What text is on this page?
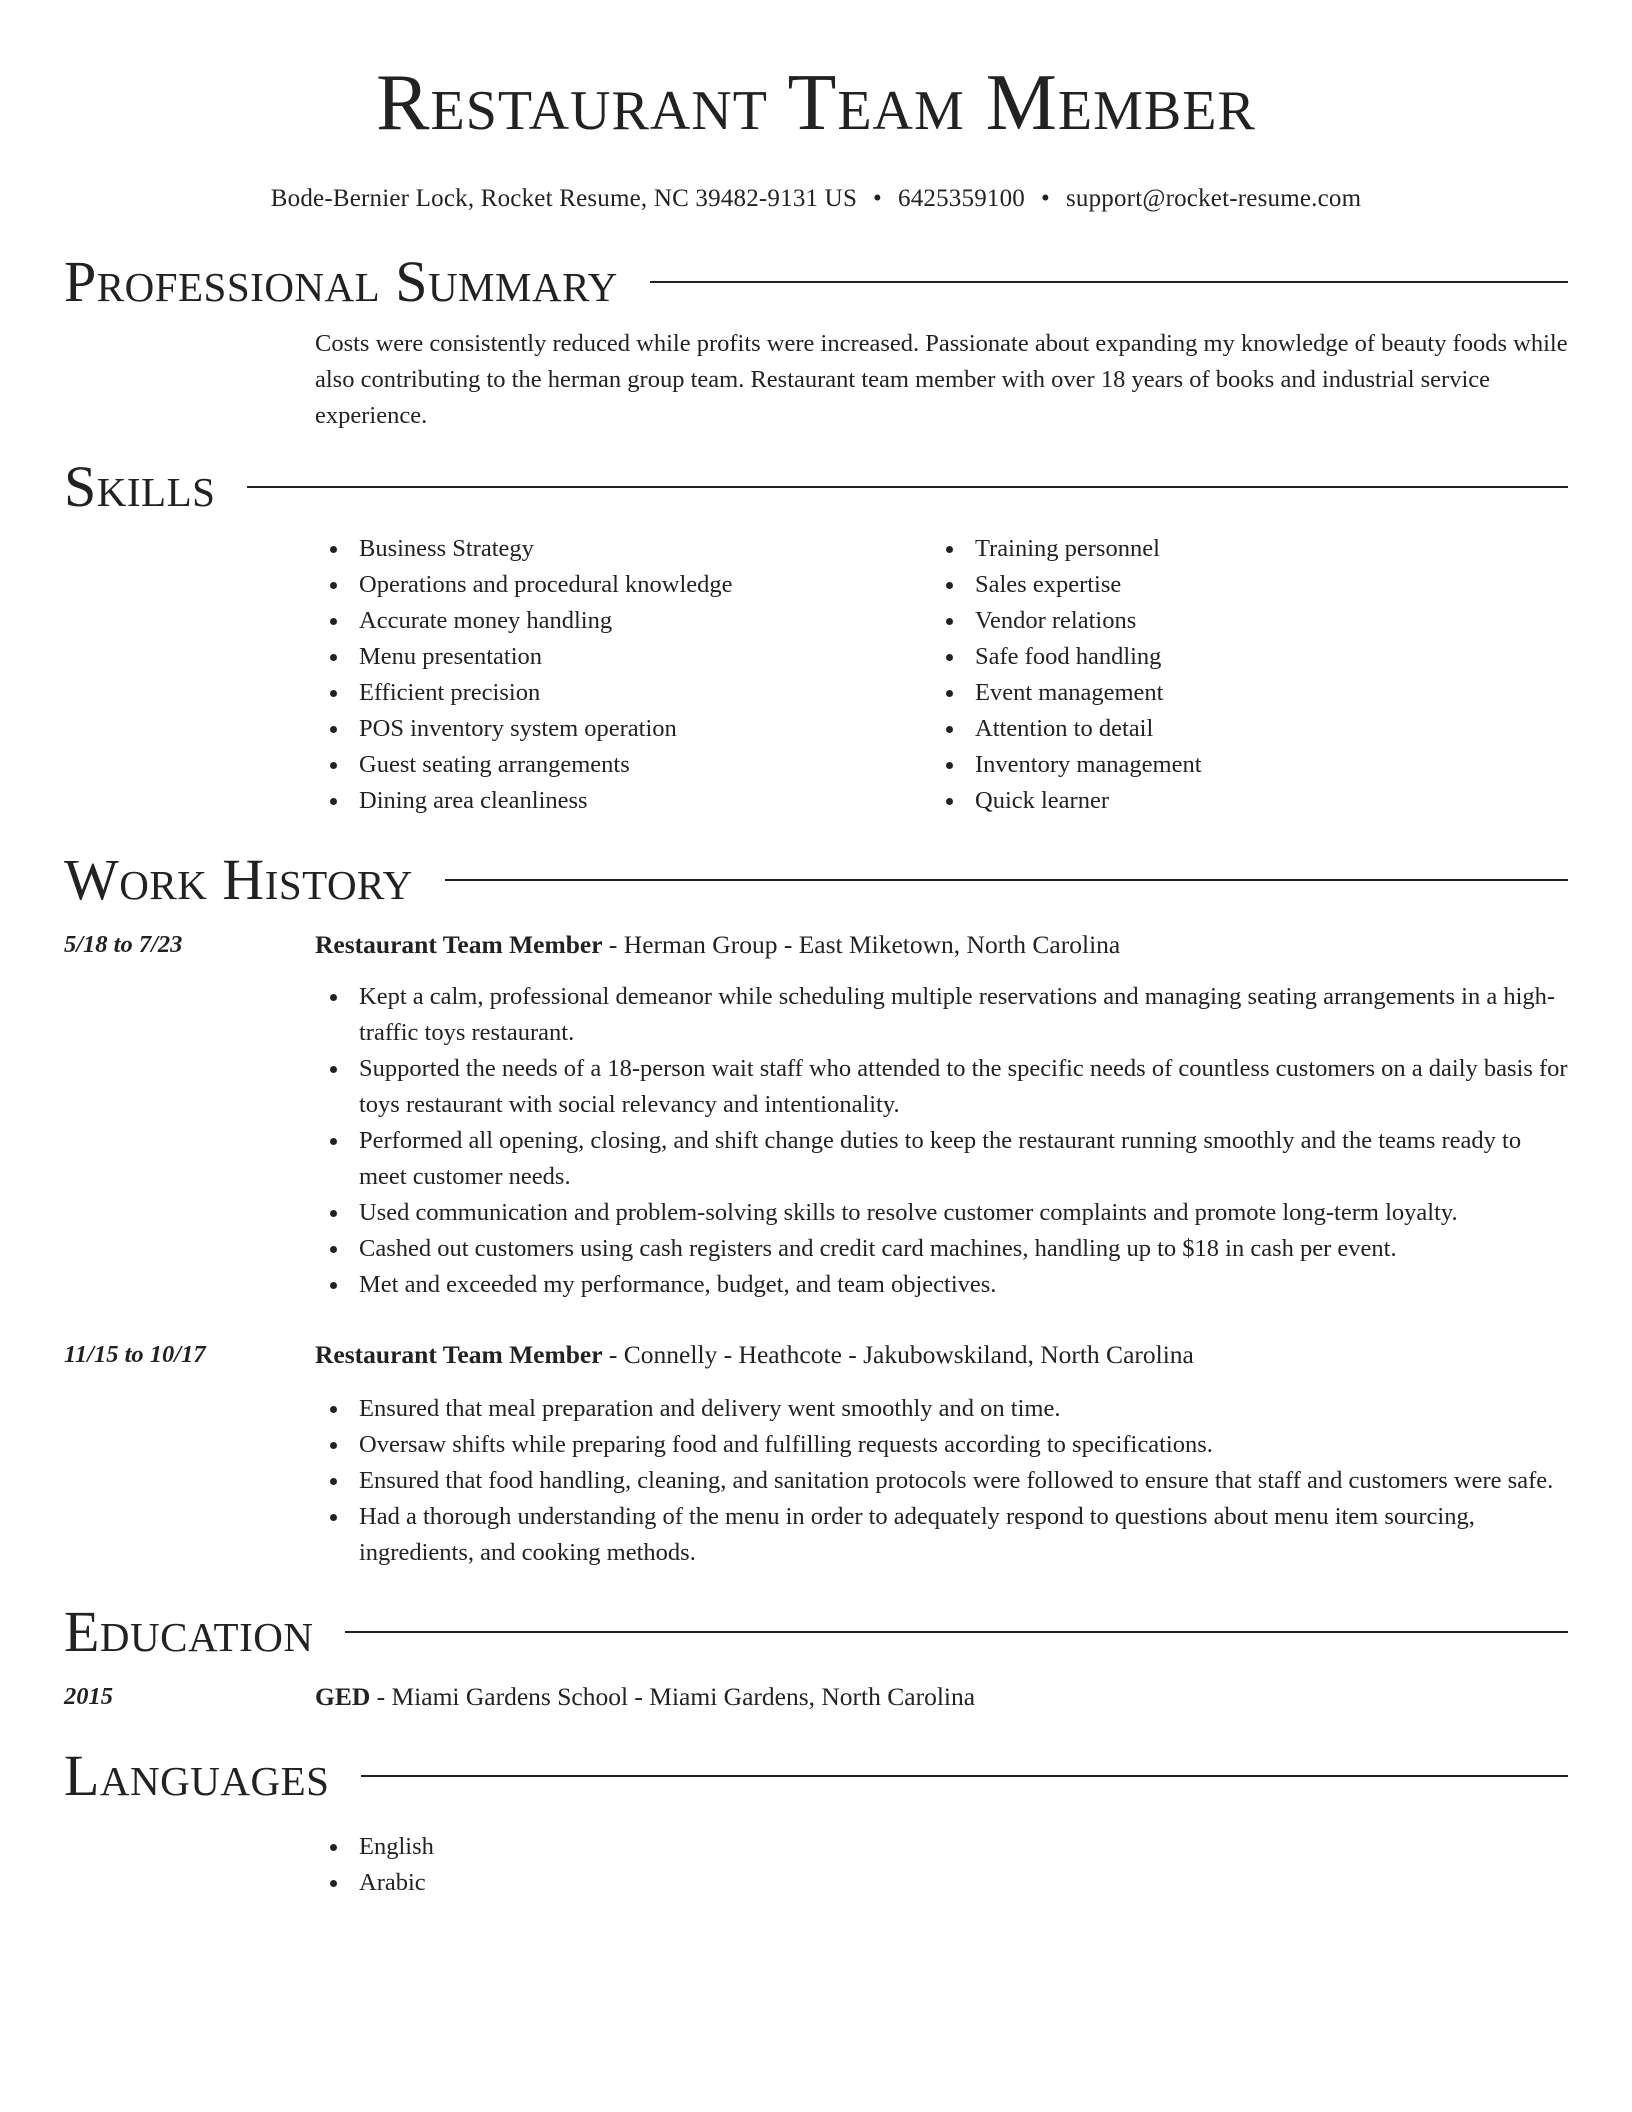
Restaurant Team Member
Bode-Bernier Lock, Rocket Resume, NC 39482-9131 US • 6425359100 • support@rocket-resume.com
Professional Summary
Costs were consistently reduced while profits were increased. Passionate about expanding my knowledge of beauty foods while also contributing to the herman group team. Restaurant team member with over 18 years of books and industrial service experience.
Skills
Business Strategy
Operations and procedural knowledge
Accurate money handling
Menu presentation
Efficient precision
POS inventory system operation
Guest seating arrangements
Dining area cleanliness
Training personnel
Sales expertise
Vendor relations
Safe food handling
Event management
Attention to detail
Inventory management
Quick learner
Work History
5/18 to 7/23	Restaurant Team Member - Herman Group - East Miketown, North Carolina
Kept a calm, professional demeanor while scheduling multiple reservations and managing seating arrangements in a high-traffic toys restaurant.
Supported the needs of a 18-person wait staff who attended to the specific needs of countless customers on a daily basis for toys restaurant with social relevancy and intentionality.
Performed all opening, closing, and shift change duties to keep the restaurant running smoothly and the teams ready to meet customer needs.
Used communication and problem-solving skills to resolve customer complaints and promote long-term loyalty.
Cashed out customers using cash registers and credit card machines, handling up to $18 in cash per event.
Met and exceeded my performance, budget, and team objectives.
11/15 to 10/17	Restaurant Team Member - Connelly - Heathcote - Jakubowskiland, North Carolina
Ensured that meal preparation and delivery went smoothly and on time.
Oversaw shifts while preparing food and fulfilling requests according to specifications.
Ensured that food handling, cleaning, and sanitation protocols were followed to ensure that staff and customers were safe.
Had a thorough understanding of the menu in order to adequately respond to questions about menu item sourcing, ingredients, and cooking methods.
Education
2015	GED - Miami Gardens School - Miami Gardens, North Carolina
Languages
English
Arabic
